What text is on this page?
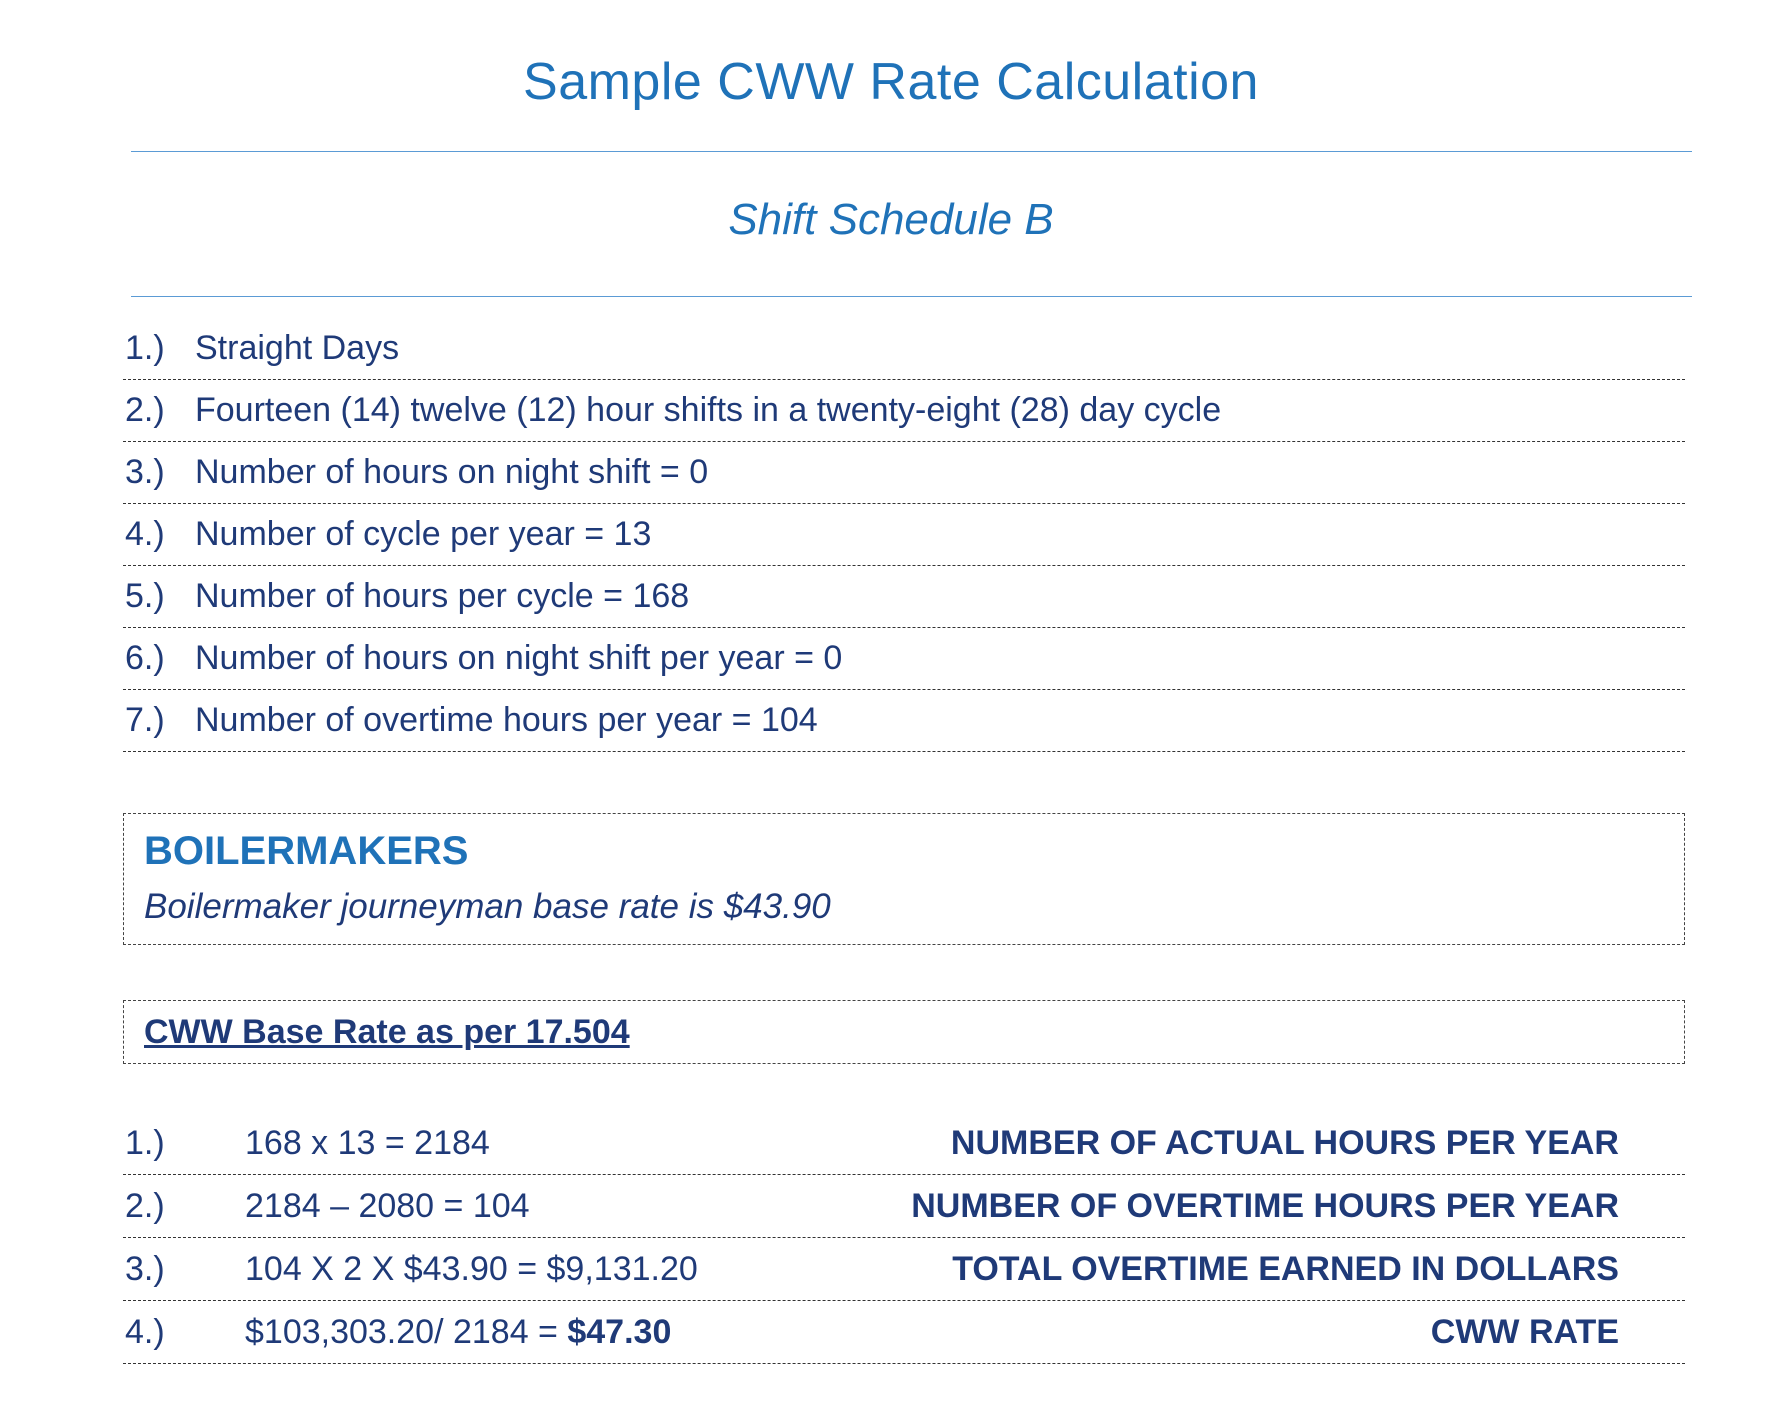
Sample CWW Rate Calculation
Shift Schedule B
1.) Straight Days
2.) Fourteen (14) twelve (12) hour shifts in a twenty-eight (28) day cycle
3.) Number of hours on night shift = 0
4.) Number of cycle per year = 13
5.) Number of hours per cycle = 168
6.) Number of hours on night shift per year = 0
7.) Number of overtime hours per year = 104
BOILERMAKERS
Boilermaker journeyman base rate is $43.90
CWW Base Rate as per 17.504
1.)	168 x 13 = 2184	NUMBER OF ACTUAL HOURS PER YEAR
2.)	2184 – 2080 = 104	NUMBER OF OVERTIME HOURS PER YEAR
3.)	104 X 2 X $43.90 = $9,131.20	TOTAL OVERTIME EARNED IN DOLLARS
4.)	$103,303.20/ 2184 = $47.30	CWW RATE
